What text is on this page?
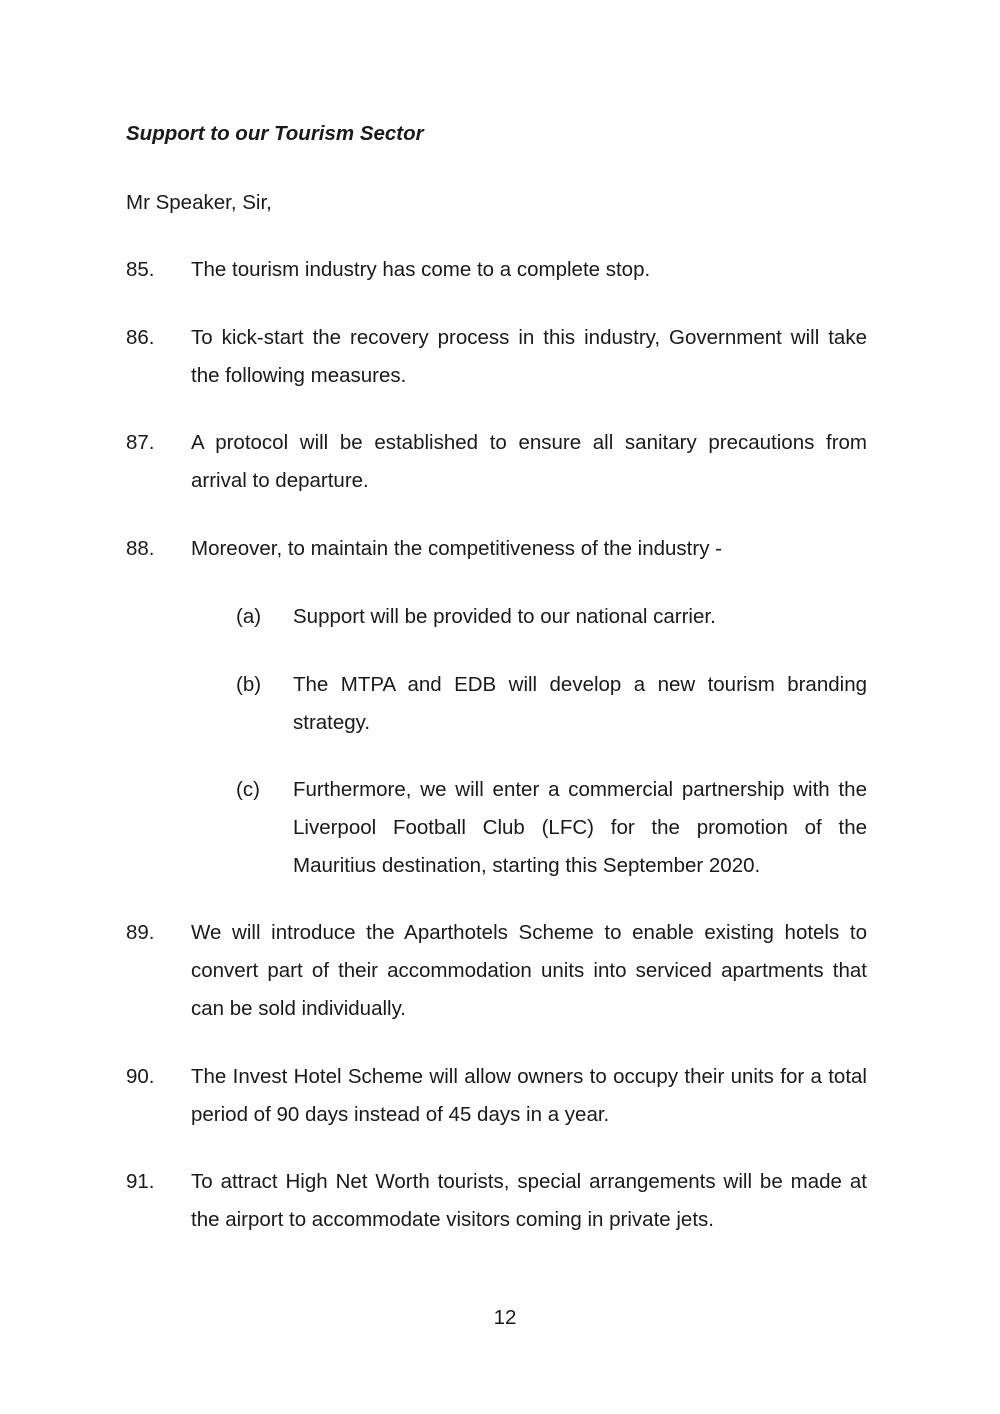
Support to our Tourism Sector
Mr Speaker, Sir,
85. The tourism industry has come to a complete stop.
86. To kick-start the recovery process in this industry, Government will take the following measures.
87. A protocol will be established to ensure all sanitary precautions from arrival to departure.
88. Moreover, to maintain the competitiveness of the industry -
(a) Support will be provided to our national carrier.
(b) The MTPA and EDB will develop a new tourism branding strategy.
(c) Furthermore, we will enter a commercial partnership with the Liverpool Football Club (LFC) for the promotion of the Mauritius destination, starting this September 2020.
89. We will introduce the Aparthotels Scheme to enable existing hotels to convert part of their accommodation units into serviced apartments that can be sold individually.
90. The Invest Hotel Scheme will allow owners to occupy their units for a total period of 90 days instead of 45 days in a year.
91. To attract High Net Worth tourists, special arrangements will be made at the airport to accommodate visitors coming in private jets.
12
